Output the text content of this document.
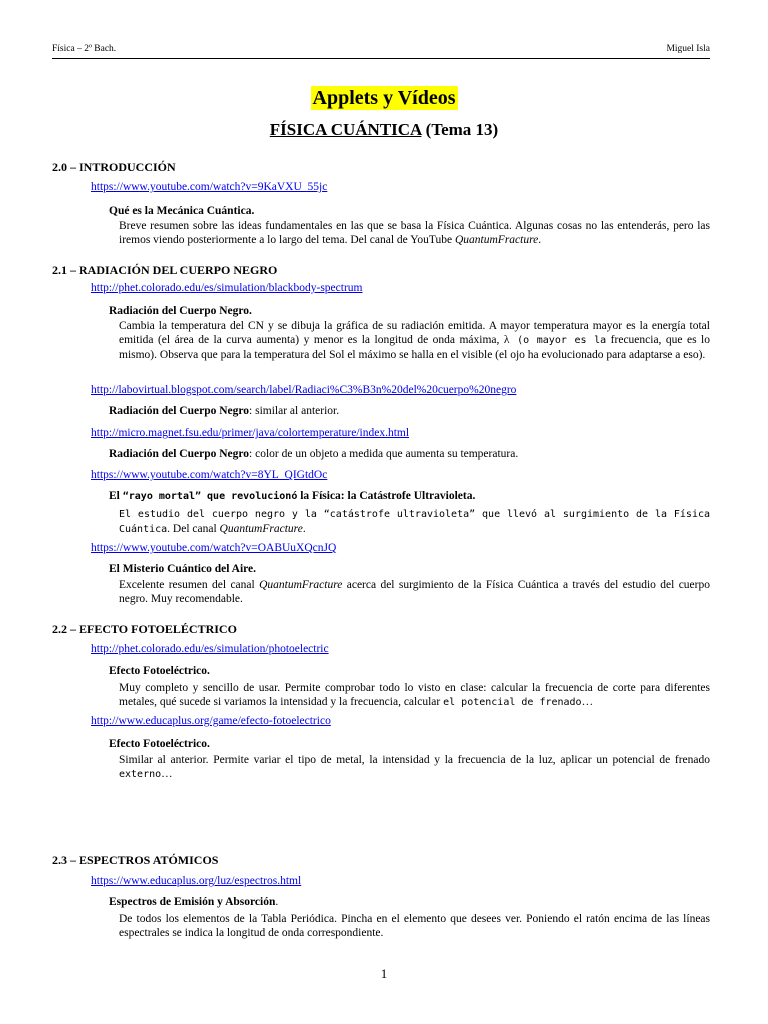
Física – 2º Bach.	Miguel Isla
Applets y Vídeos
FÍSICA CUÁNTICA (Tema 13)
2.0 – INTRODUCCIÓN
https://www.youtube.com/watch?v=9KaVXU_55jc
Qué es la Mecánica Cuántica.
Breve resumen sobre las ideas fundamentales en las que se basa la Física Cuántica. Algunas cosas no las entenderás, pero las iremos viendo posteriormente a lo largo del tema. Del canal de YouTube QuantumFracture.
2.1 – RADIACIÓN DEL CUERPO NEGRO
http://phet.colorado.edu/es/simulation/blackbody-spectrum
Radiación del Cuerpo Negro.
Cambia la temperatura del CN y se dibuja la gráfica de su radiación emitida. A mayor temperatura mayor es la energía total emitida (el área de la curva aumenta) y menor es la longitud de onda máxima, λ (o mayor es la frecuencia, que es lo mismo). Observa que para la temperatura del Sol el máximo se halla en el visible (el ojo ha evolucionado para adaptarse a eso).
http://labovirtual.blogspot.com/search/label/Radiaci%C3%B3n%20del%20cuerpo%20negro
Radiación del Cuerpo Negro: similar al anterior.
http://micro.magnet.fsu.edu/primer/java/colortemperature/index.html
Radiación del Cuerpo Negro: color de un objeto a medida que aumenta su temperatura.
https://www.youtube.com/watch?v=8YL_QIGtdOc
El “rayo mortal” que revolucionó la Física: la Catástrofe Ultravioleta.
El estudio del cuerpo negro y la “catástrofe ultravioleta” que llevó al surgimiento de la Física Cuántica. Del canal QuantumFracture.
https://www.youtube.com/watch?v=OABUuXQcnJQ
El Misterio Cuántico del Aire.
Excelente resumen del canal QuantumFracture acerca del surgimiento de la Física Cuántica a través del estudio del cuerpo negro. Muy recomendable.
2.2 – EFECTO FOTOELÉCTRICO
http://phet.colorado.edu/es/simulation/photoelectric
Efecto Fotoeléctrico.
Muy completo y sencillo de usar. Permite comprobar todo lo visto en clase: calcular la frecuencia de corte para diferentes metales, qué sucede si variamos la intensidad y la frecuencia, calcular el potencial de frenado…
http://www.educaplus.org/game/efecto-fotoelectrico
Efecto Fotoeléctrico.
Similar al anterior. Permite variar el tipo de metal, la intensidad y la frecuencia de la luz, aplicar un potencial de frenado externo…
2.3 – ESPECTROS ATÓMICOS
https://www.educaplus.org/luz/espectros.html
Espectros de Emisión y Absorción.
De todos los elementos de la Tabla Periódica. Pincha en el elemento que desees ver. Poniendo el ratón encima de las líneas espectrales se indica la longitud de onda correspondiente.
1
